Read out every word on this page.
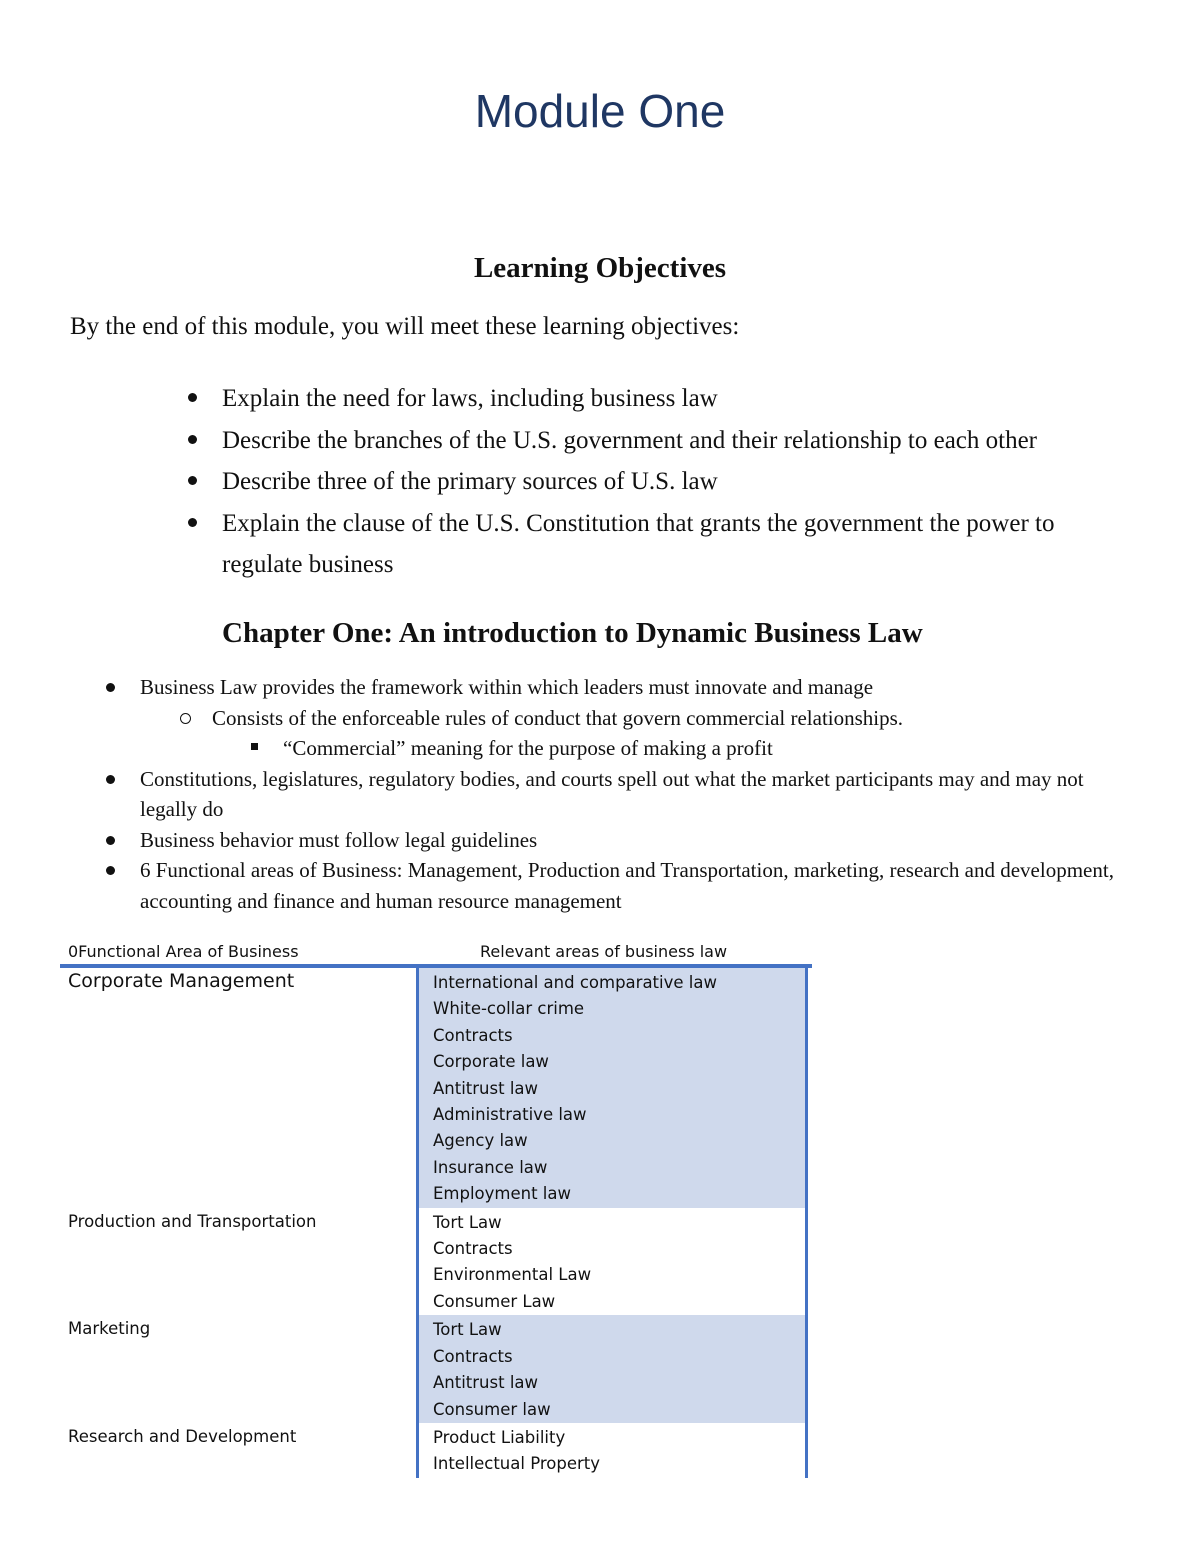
Module One
Learning Objectives

By the end of this module, you will meet these learning objectives:

Explain the need for laws, including business law
Describe the branches of the U.S. government and their relationship to each other
Describe three of the primary sources of U.S. law
Explain the clause of the U.S. Constitution that grants the government the power to regulate business
Chapter One: An introduction to Dynamic Business Law
Business Law provides the framework within which leaders must innovate and manage
Consists of the enforceable rules of conduct that govern commercial relationships.
“Commercial” meaning for the purpose of making a profit
Constitutions, legislatures, regulatory bodies, and courts spell out what the market participants may and may not legally do
Business behavior must follow legal guidelines
6 Functional areas of Business: Management, Production and Transportation, marketing, research and development, accounting and finance and human resource management
0Functional Area of Business	Relevant areas of business law
Corporate Management	International and comparative law
White-collar crime
Contracts
Corporate law
Antitrust law
Administrative law
Agency law
Insurance law
Employment law
Production and Transportation	Tort Law
Contracts
Environmental Law
Consumer Law
Marketing	Tort Law
Contracts
Antitrust law
Consumer law
Research and Development	Product Liability
Intellectual Property
